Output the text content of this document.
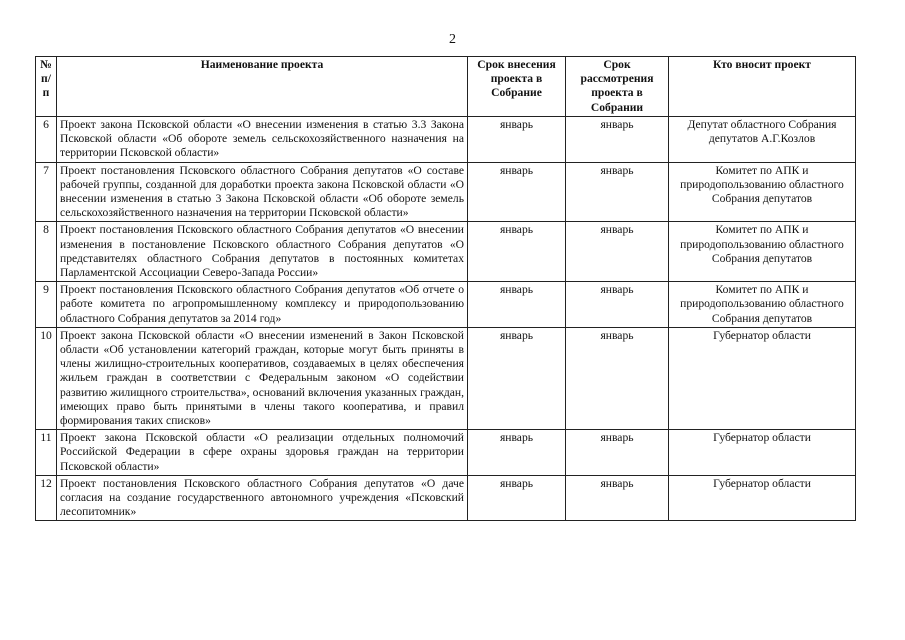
2
№ п/п	Наименование проекта	Срок внесения проекта в Собрание	Срок рассмотрения проекта в Собрании	Кто вносит проект
6	Проект закона Псковской области «О внесении изменения в статью 3.3 Закона Псковской области «Об обороте земель сельскохозяйственного назначения на территории Псковской области»	январь	январь	Депутат областного Собрания депутатов А.Г.Козлов
7	Проект постановления Псковского областного Собрания депутатов «О составе рабочей группы, созданной для доработки проекта закона Псковской области «О внесении изменения в статью 3 Закона Псковской области «Об обороте земель сельскохозяйственного назначения на территории Псковской области»	январь	январь	Комитет по АПК и природопользованию областного Собрания депутатов
8	Проект постановления Псковского областного Собрания депутатов «О внесении изменения в постановление Псковского областного Собрания депутатов «О представителях областного Собрания депутатов в постоянных комитетах Парламентской Ассоциации Северо-Запада России»	январь	январь	Комитет по АПК и природопользованию областного Собрания депутатов
9	Проект постановления Псковского областного Собрания депутатов «Об отчете о работе комитета по агропромышленному комплексу и природопользованию областного Собрания депутатов за 2014 год»	январь	январь	Комитет по АПК и природопользованию областного Собрания депутатов
10	Проект закона Псковской области «О внесении изменений в Закон Псковской области «Об установлении категорий граждан, которые могут быть приняты в члены жилищно-строительных кооперативов, создаваемых в целях обеспечения жильем граждан в соответствии с Федеральным законом «О содействии развитию жилищного строительства», оснований включения указанных граждан, имеющих право быть принятыми в члены такого кооператива, и правил формирования таких списков»	январь	январь	Губернатор области
11	Проект закона Псковской области «О реализации отдельных полномочий Российской Федерации в сфере охраны здоровья граждан на территории Псковской области»	январь	январь	Губернатор области
12	Проект постановления Псковского областного Собрания депутатов «О даче согласия на создание государственного автономного учреждения «Псковский лесопитомник»	январь	январь	Губернатор области
